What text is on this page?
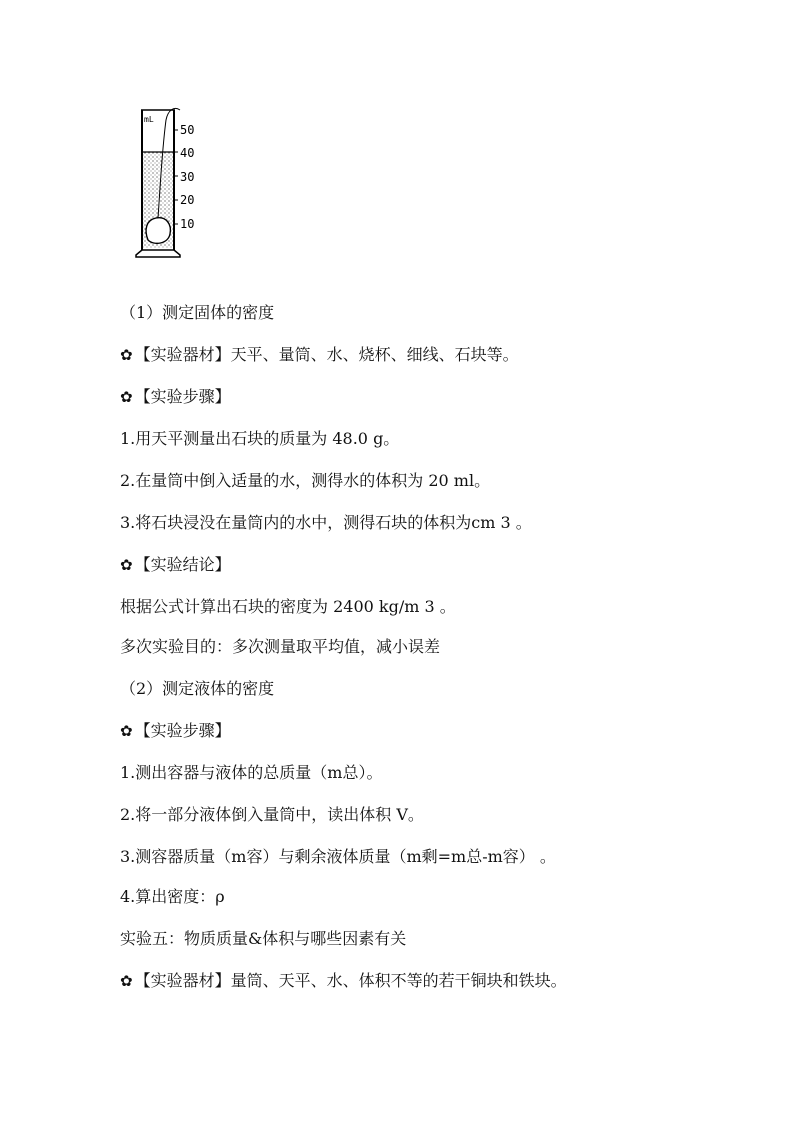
mL
50
40
30
20
10
（1）测定固体的密度
✿ 【实验器材】天平、量筒、水、烧杯、细线、石块等。
✿ 【实验步骤】
1.用天平测量出石块的质量为 48.0 g。
2.在量筒中倒入适量的水，测得水的体积为 20 ml。
3.将石块浸没在量筒内的水中，测得石块的体积为cm 3 。
✿ 【实验结论】
根据公式计算出石块的密度为 2400 kg/m 3 。
多次实验目的：多次测量取平均值，减小误差
（2）测定液体的密度
✿ 【实验步骤】
1.测出容器与液体的总质量（m总）。
2.将一部分液体倒入量筒中，读出体积 V。
3.测容器质量（m容）与剩余液体质量（m剩=m总-m容） 。
4.算出密度：ρ
实验五：物质质量&体积与哪些因素有关
✿ 【实验器材】量筒、天平、水、体积不等的若干铜块和铁块。
